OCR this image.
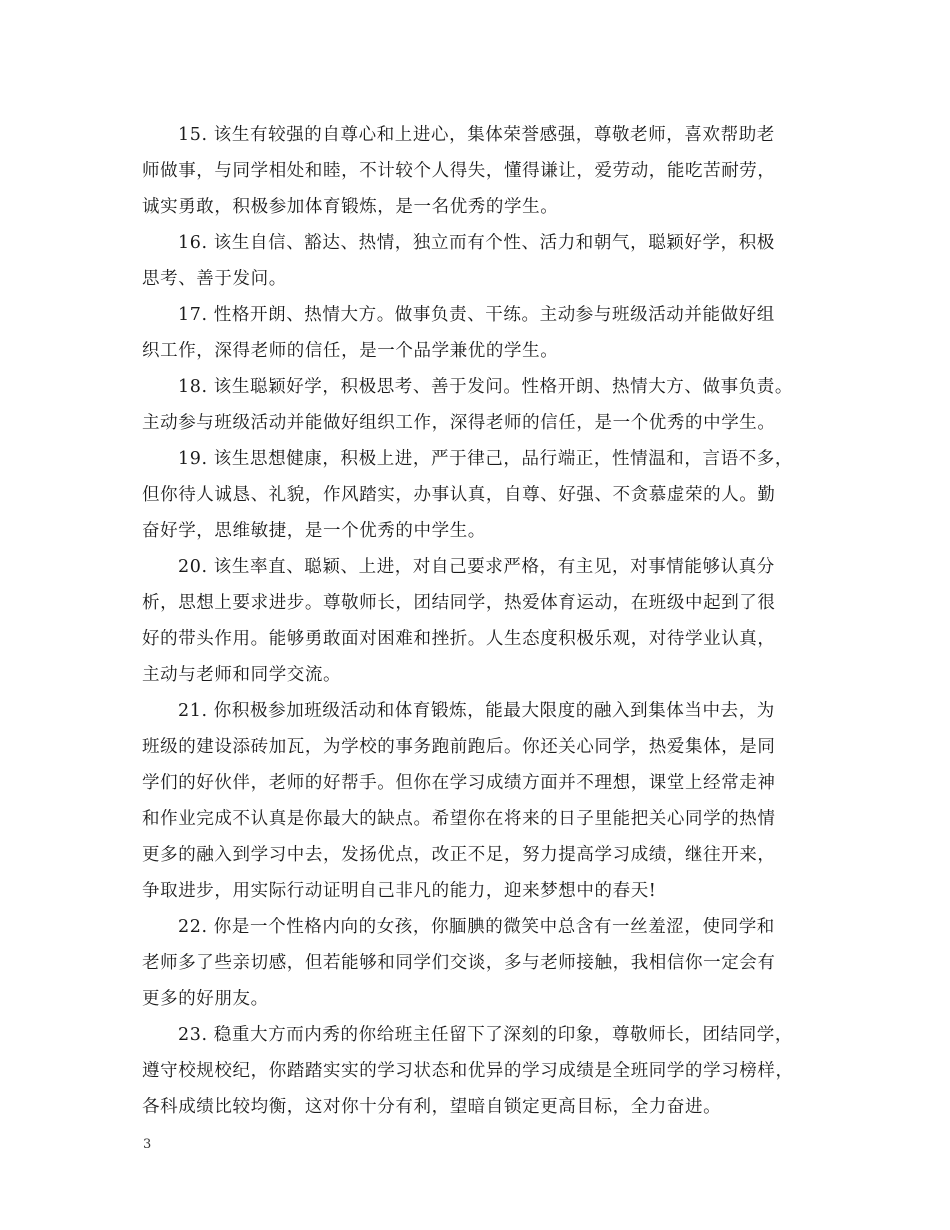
15. 该生有较强的自尊心和上进心，集体荣誉感强，尊敬老师，喜欢帮助老
师做事，与同学相处和睦，不计较个人得失，懂得谦让，爱劳动，能吃苦耐劳，
诚实勇敢，积极参加体育锻炼，是一名优秀的学生。

16. 该生自信、豁达、热情，独立而有个性、活力和朝气，聪颖好学，积极
思考、善于发问。

17. 性格开朗、热情大方。做事负责、干练。主动参与班级活动并能做好组
织工作，深得老师的信任，是一个品学兼优的学生。

18. 该生聪颖好学，积极思考、善于发问。性格开朗、热情大方、做事负责。
主动参与班级活动并能做好组织工作，深得老师的信任，是一个优秀的中学生。

19. 该生思想健康，积极上进，严于律己，品行端正，性情温和，言语不多，
但你待人诚恳、礼貌，作风踏实，办事认真，自尊、好强、不贪慕虚荣的人。勤
奋好学，思维敏捷，是一个优秀的中学生。

20. 该生率直、聪颖、上进，对自己要求严格，有主见，对事情能够认真分
析，思想上要求进步。尊敬师长，团结同学，热爱体育运动，在班级中起到了很
好的带头作用。能够勇敢面对困难和挫折。人生态度积极乐观，对待学业认真，
主动与老师和同学交流。

21. 你积极参加班级活动和体育锻炼，能最大限度的融入到集体当中去，为
班级的建设添砖加瓦，为学校的事务跑前跑后。你还关心同学，热爱集体，是同
学们的好伙伴，老师的好帮手。但你在学习成绩方面并不理想，课堂上经常走神
和作业完成不认真是你最大的缺点。希望你在将来的日子里能把关心同学的热情
更多的融入到学习中去，发扬优点，改正不足，努力提高学习成绩，继往开来，
争取进步，用实际行动证明自己非凡的能力，迎来梦想中的春天!

22. 你是一个性格内向的女孩，你腼腆的微笑中总含有一丝羞涩，使同学和
老师多了些亲切感，但若能够和同学们交谈，多与老师接触，我相信你一定会有
更多的好朋友。

23. 稳重大方而内秀的你给班主任留下了深刻的印象，尊敬师长，团结同学，
遵守校规校纪，你踏踏实实的学习状态和优异的学习成绩是全班同学的学习榜样，
各科成绩比较均衡，这对你十分有利，望暗自锁定更高目标，全力奋进。

3
